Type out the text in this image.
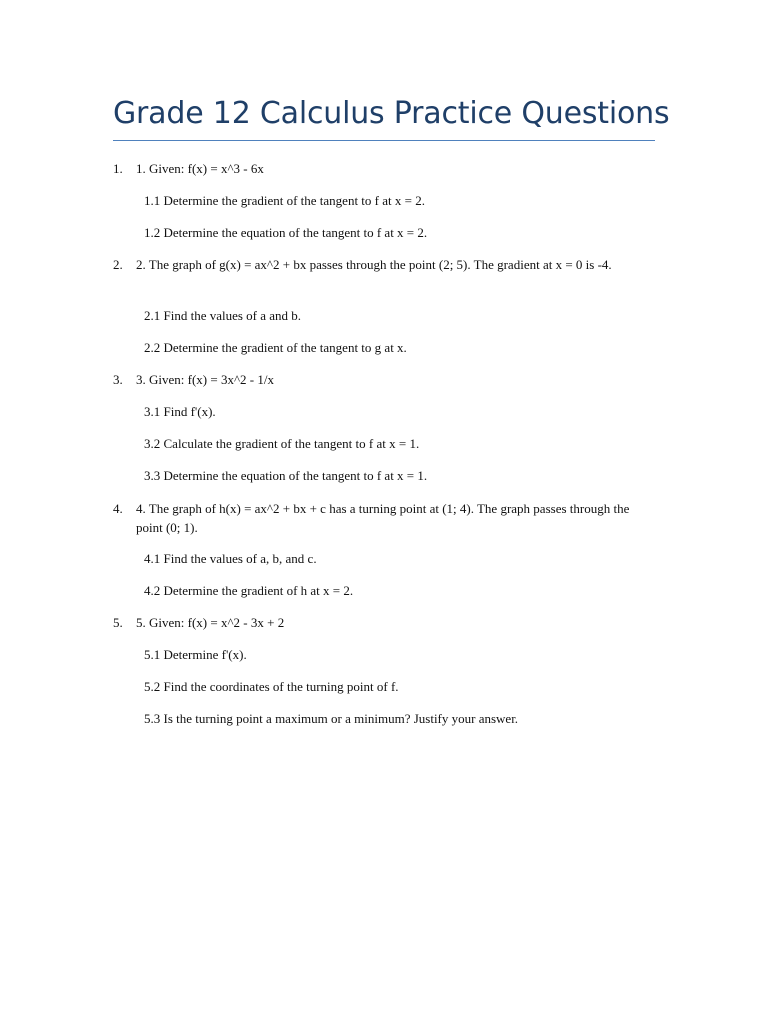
Grade 12 Calculus Practice Questions
1. 1. Given: f(x) = x^3 - 6x
1.1 Determine the gradient of the tangent to f at x = 2.
1.2 Determine the equation of the tangent to f at x = 2.
2. 2. The graph of g(x) = ax^2 + bx passes through the point (2; 5). The gradient at x = 0 is -4.
2.1 Find the values of a and b.
2.2 Determine the gradient of the tangent to g at x.
3. 3. Given: f(x) = 3x^2 - 1/x
3.1 Find f'(x).
3.2 Calculate the gradient of the tangent to f at x = 1.
3.3 Determine the equation of the tangent to f at x = 1.
4. 4. The graph of h(x) = ax^2 + bx + c has a turning point at (1; 4). The graph passes through the point (0; 1).
4.1 Find the values of a, b, and c.
4.2 Determine the gradient of h at x = 2.
5. 5. Given: f(x) = x^2 - 3x + 2
5.1 Determine f'(x).
5.2 Find the coordinates of the turning point of f.
5.3 Is the turning point a maximum or a minimum? Justify your answer.
